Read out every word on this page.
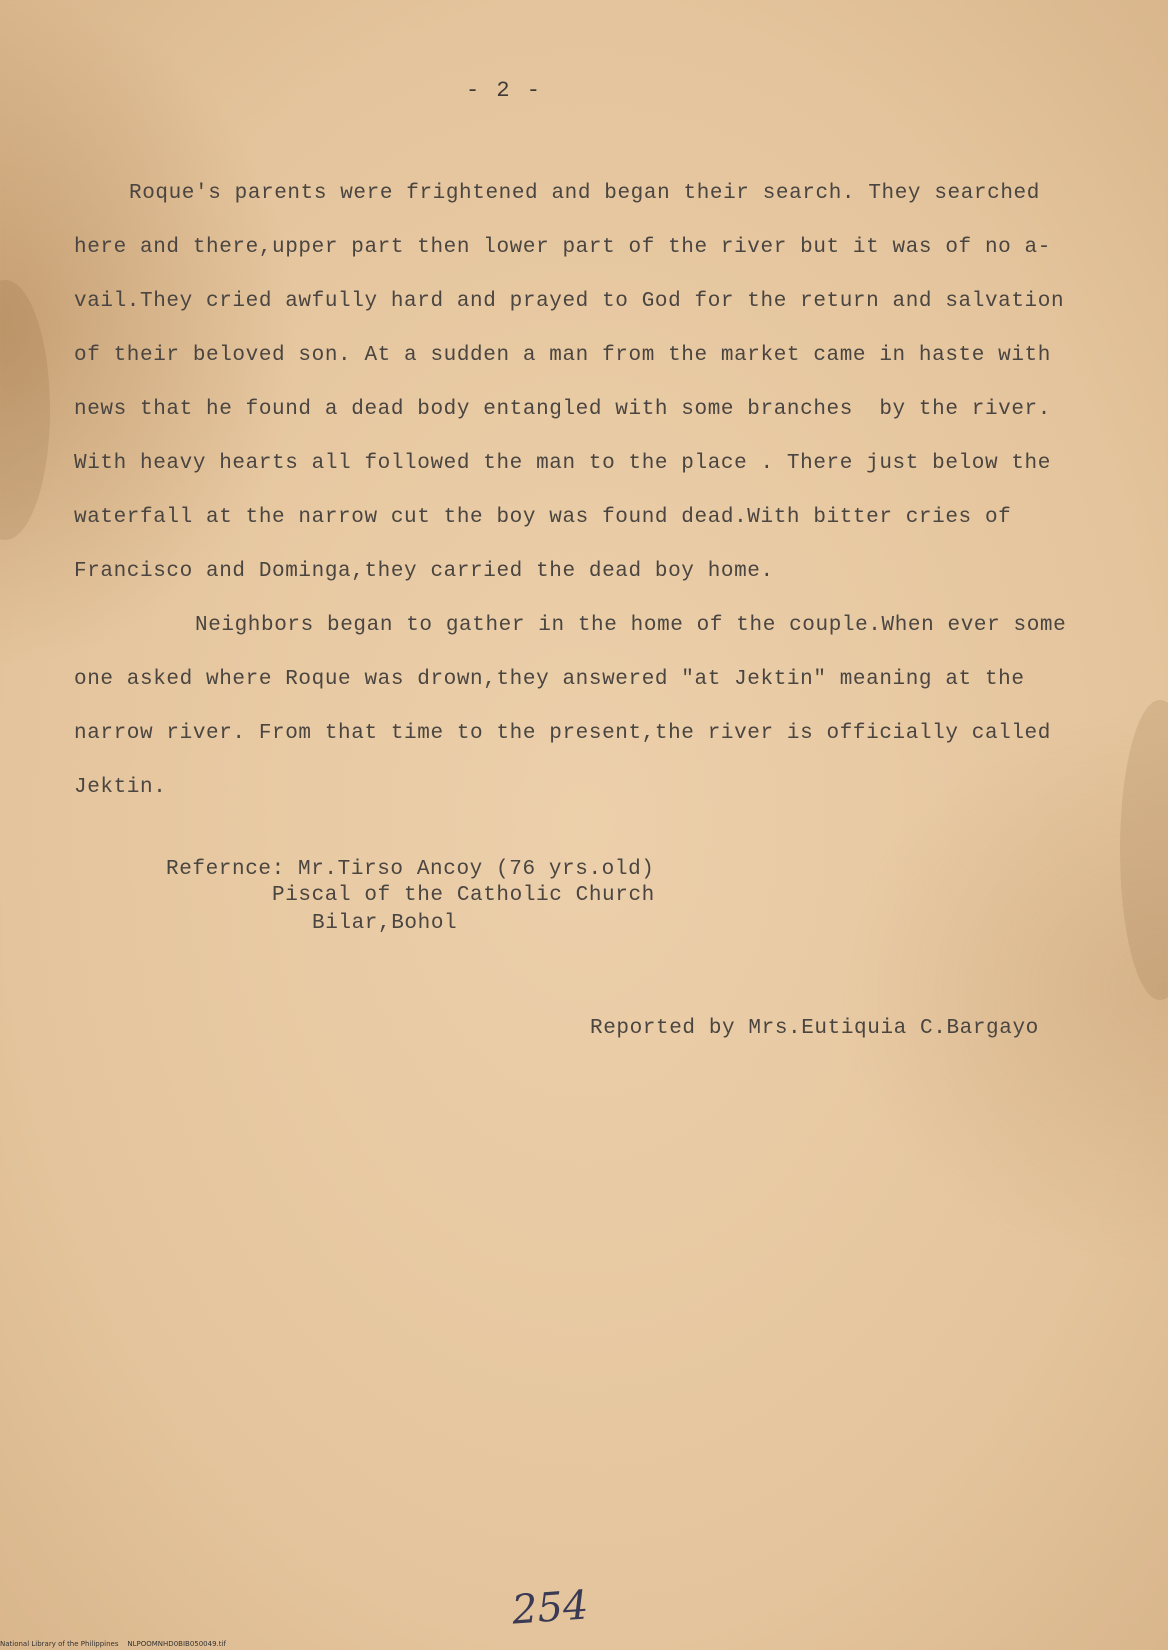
- 2 -
Roque's parents were frightened and began their search. They searched
here and there,upper part then lower part of the river but it was of no a-
vail.They cried awfully hard and prayed to God for the return and salvation
of their beloved son. At a sudden a man from the market came in haste with
news that he found a dead body entangled with some branches  by the river.
With heavy hearts all followed the man to the place . There just below the
waterfall at the narrow cut the boy was found dead.With bitter cries of
Francisco and Dominga,they carried the dead boy home.
Neighbors began to gather in the home of the couple.When ever some
one asked where Roque was drown,they answered "at Jektin" meaning at the
narrow river. From that time to the present,the river is officially called
Jektin.
Refernce: Mr.Tirso Ancoy (76 yrs.old)
Piscal of the Catholic Church
Bilar,Bohol
Reported by Mrs.Eutiquia C.Bargayo
254
National Library of the Philippines    NLPOOMNHD0BIB050049.tif
